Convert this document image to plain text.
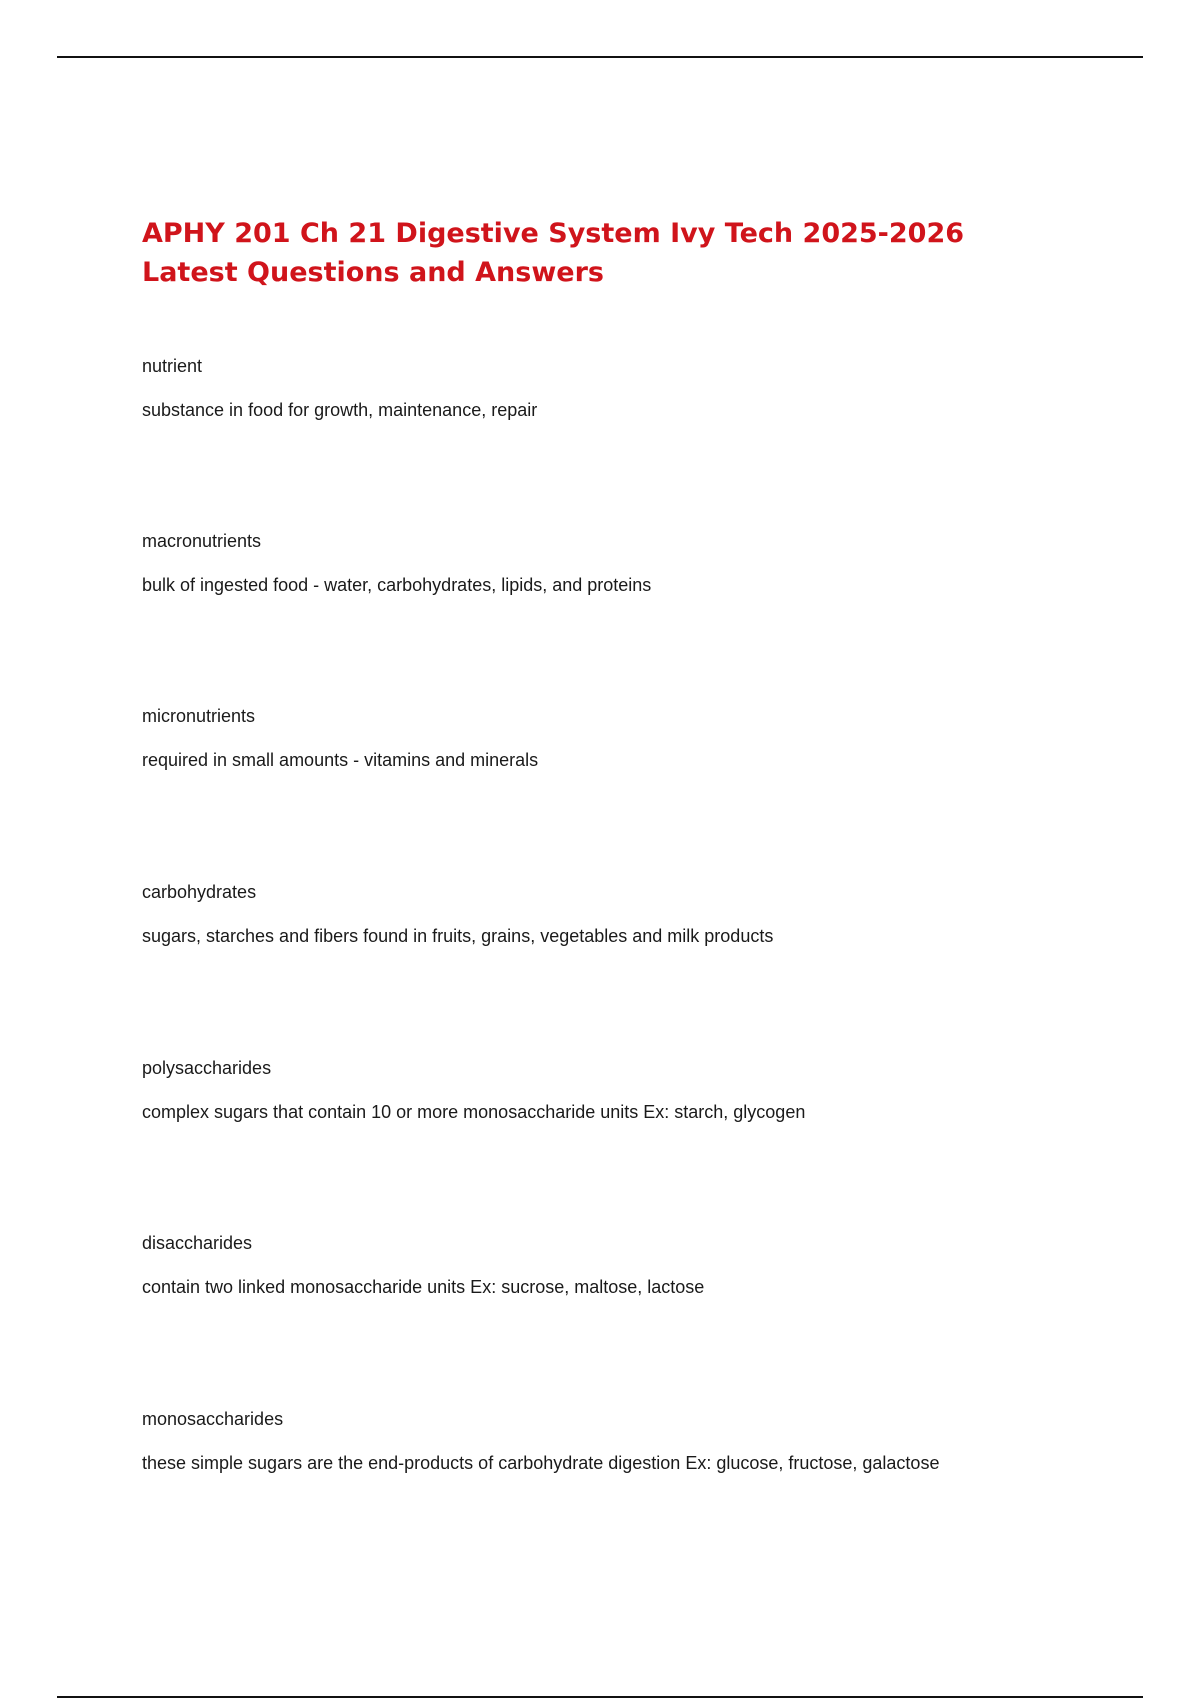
APHY 201 Ch 21 Digestive System Ivy Tech 2025-2026
Latest Questions and Answers
nutrient
substance in food for growth, maintenance, repair
macronutrients
bulk of ingested food - water, carbohydrates, lipids, and proteins
micronutrients
required in small amounts - vitamins and minerals
carbohydrates
sugars, starches and fibers found in fruits, grains, vegetables and milk products
polysaccharides
complex sugars that contain 10 or more monosaccharide units Ex: starch, glycogen
disaccharides
contain two linked monosaccharide units Ex: sucrose, maltose, lactose
monosaccharides
these simple sugars are the end-products of carbohydrate digestion Ex: glucose, fructose, galactose
